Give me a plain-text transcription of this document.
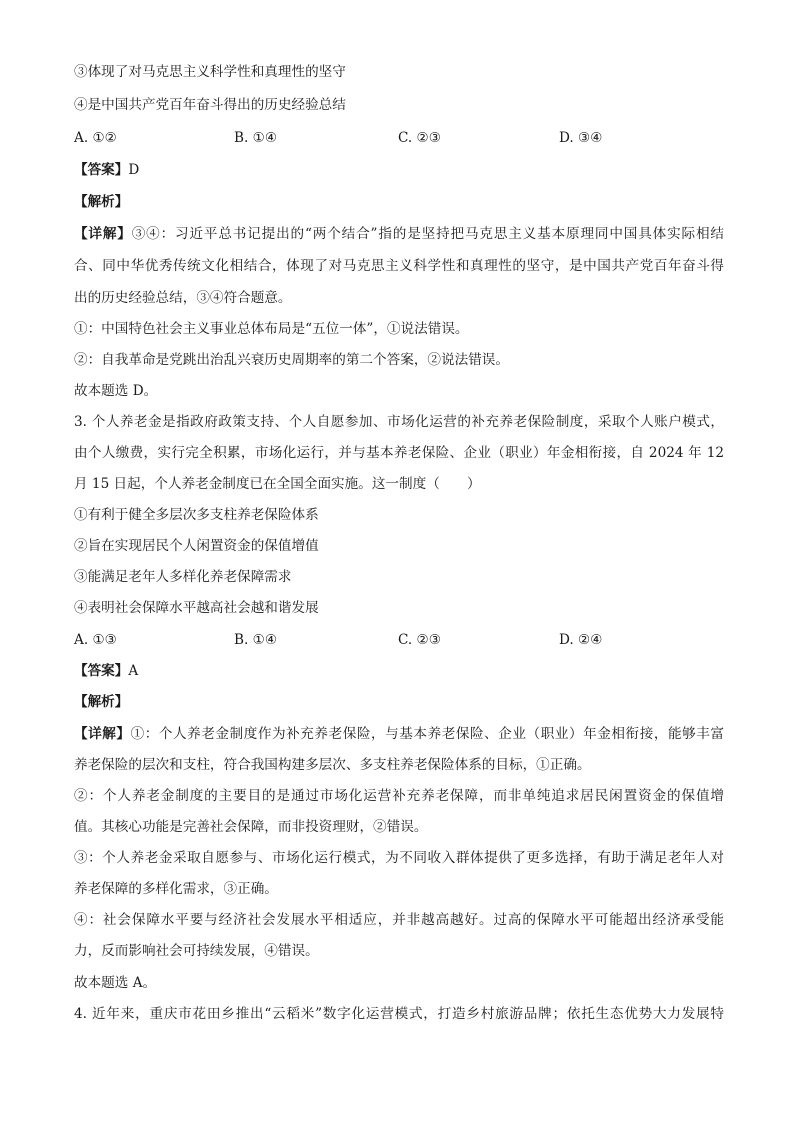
③体现了对马克思主义科学性和真理性的坚守
④是中国共产党百年奋斗得出的历史经验总结
A. ①②	B. ①④	C. ②③	D. ③④
【答案】D
【解析】
【详解】③④：习近平总书记提出的“两个结合”指的是坚持把马克思主义基本原理同中国具体实际相结
合、同中华优秀传统文化相结合，体现了对马克思主义科学性和真理性的坚守，是中国共产党百年奋斗得
出的历史经验总结，③④符合题意。
①：中国特色社会主义事业总体布局是“五位一体”，①说法错误。
②：自我革命是党跳出治乱兴衰历史周期率的第二个答案，②说法错误。
故本题选 D。
3. 个人养老金是指政府政策支持、个人自愿参加、市场化运营的补充养老保险制度，采取个人账户模式，
由个人缴费，实行完全积累，市场化运行，并与基本养老保险、企业（职业）年金相衔接，自 2024 年 12
月 15 日起，个人养老金制度已在全国全面实施。这一制度（　　）
①有利于健全多层次多支柱养老保险体系
②旨在实现居民个人闲置资金的保值增值
③能满足老年人多样化养老保障需求
④表明社会保障水平越高社会越和谐发展
A. ①③	B. ①④	C. ②③	D. ②④
【答案】A
【解析】
【详解】①：个人养老金制度作为补充养老保险，与基本养老保险、企业（职业）年金相衔接，能够丰富
养老保险的层次和支柱，符合我国构建多层次、多支柱养老保险体系的目标，①正确。
②：个人养老金制度的主要目的是通过市场化运营补充养老保障，而非单纯追求居民闲置资金的保值增
值。其核心功能是完善社会保障，而非投资理财，②错误。
③：个人养老金采取自愿参与、市场化运行模式，为不同收入群体提供了更多选择，有助于满足老年人对
养老保障的多样化需求，③正确。
④：社会保障水平要与经济社会发展水平相适应，并非越高越好。过高的保障水平可能超出经济承受能
力，反而影响社会可持续发展，④错误。
故本题选 A。
4. 近年来，重庆市花田乡推出“云稻米”数字化运营模式，打造乡村旅游品牌；依托生态优势大力发展特
